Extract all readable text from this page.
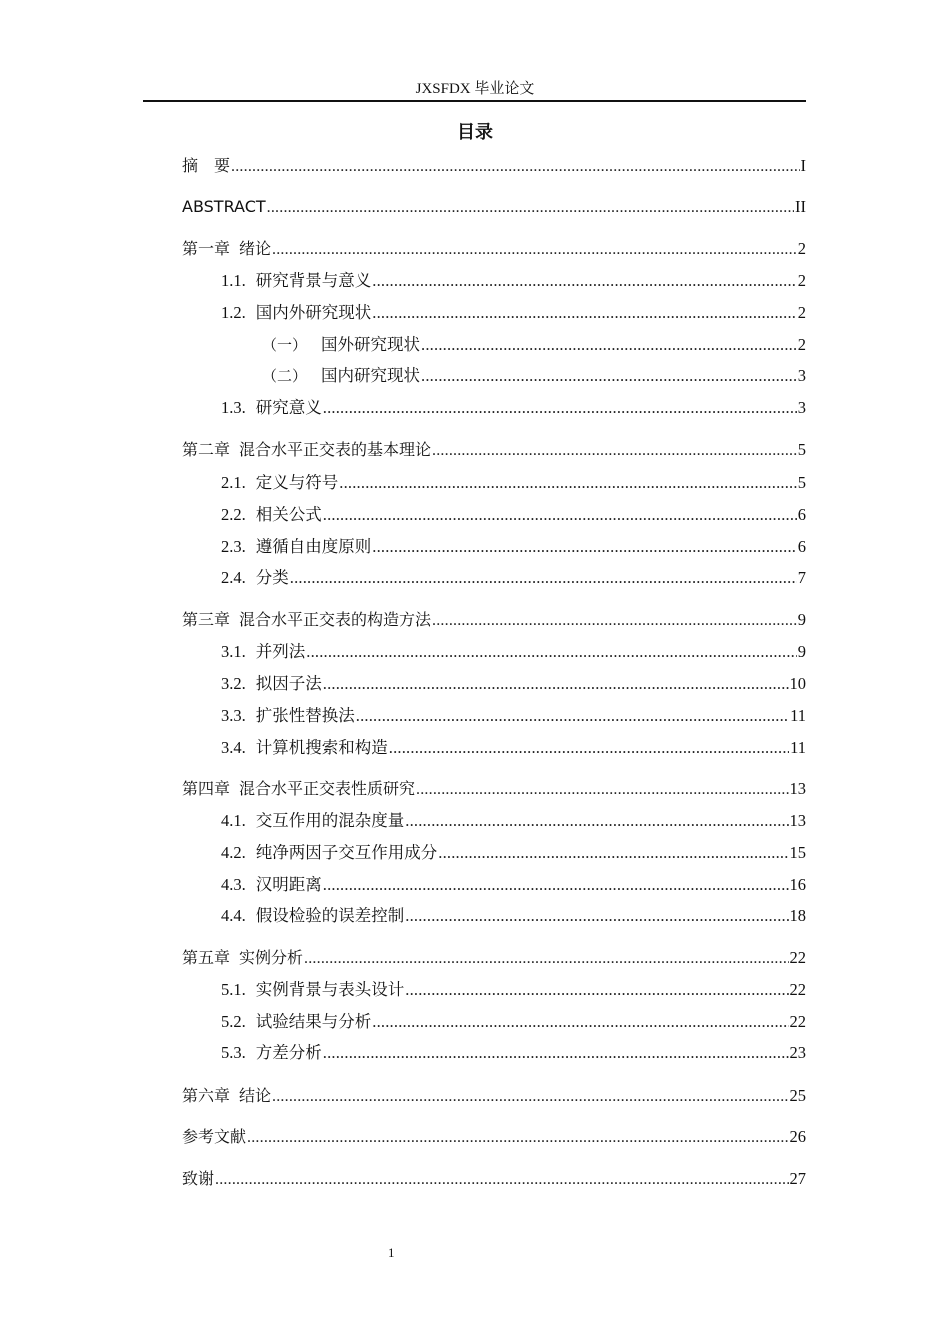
JXSFDX 毕业论文
目录
摘　要 .....	I
ABSTRACT .....	II
第一章 绪论 .....	2
1.1. 研究背景与意义 .....	2
1.2. 国内外研究现状 .....	2
（一） 国外研究现状 .....	2
（二） 国内研究现状 .....	3
1.3. 研究意义 .....	3
第二章 混合水平正交表的基本理论 .....	5
2.1. 定义与符号 .....	5
2.2. 相关公式 .....	6
2.3. 遵循自由度原则 .....	6
2.4. 分类 .....	7
第三章 混合水平正交表的构造方法 .....	9
3.1. 并列法 .....	9
3.2. 拟因子法 .....	10
3.3. 扩张性替换法 .....	11
3.4. 计算机搜索和构造 .....	11
第四章 混合水平正交表性质研究 .....	13
4.1. 交互作用的混杂度量 .....	13
4.2. 纯净两因子交互作用成分 .....	15
4.3. 汉明距离 .....	16
4.4. 假设检验的误差控制 .....	18
第五章 实例分析 .....	22
5.1. 实例背景与表头设计 .....	22
5.2. 试验结果与分析 .....	22
5.3. 方差分析 .....	23
第六章 结论 .....	25
参考文献 .....	26
致谢 .....	27
1
